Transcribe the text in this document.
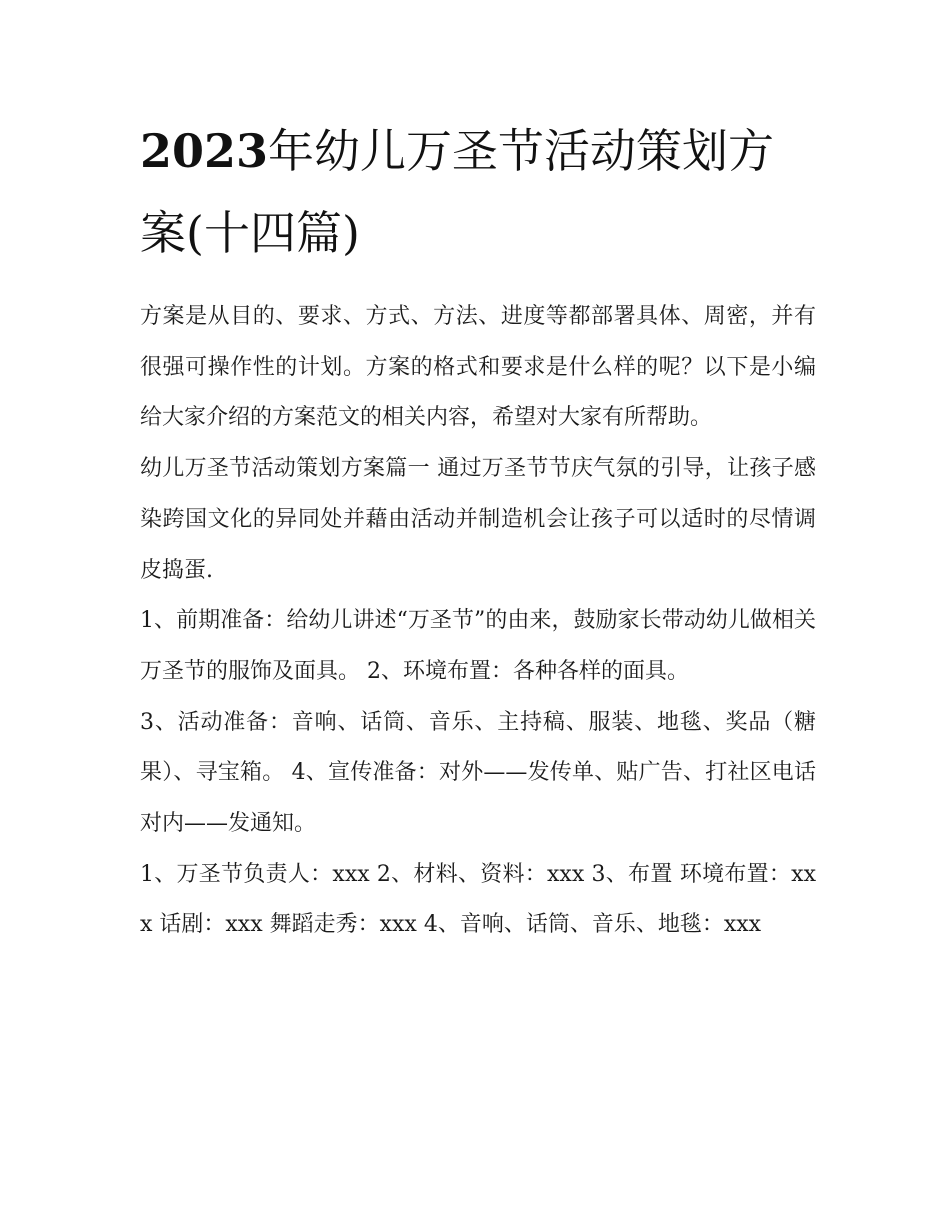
2023年幼儿万圣节活动策划方案(十四篇)

方案是从目的、要求、方式、方法、进度等都部署具体、周密，并有很强可操作性的计划。方案的格式和要求是什么样的呢？以下是小编给大家介绍的方案范文的相关内容，希望对大家有所帮助。

幼儿万圣节活动策划方案篇一 通过万圣节节庆气氛的引导，让孩子感染跨国文化的异同处并藉由活动并制造机会让孩子可以适时的尽情调皮捣蛋.

1、前期准备：给幼儿讲述“万圣节”的由来，鼓励家长带动幼儿做相关万圣节的服饰及面具。 2、环境布置：各种各样的面具。

3、活动准备：音响、话筒、音乐、主持稿、服装、地毯、奖品（糖果）、寻宝箱。 4、宣传准备：对外——发传单、贴广告、打社区电话对内——发通知。

1、万圣节负责人：xxx 2、材料、资料：xxx 3、布置 环境布置：xxx 话剧：xxx 舞蹈走秀：xxx 4、音响、话筒、音乐、地毯：xxx
